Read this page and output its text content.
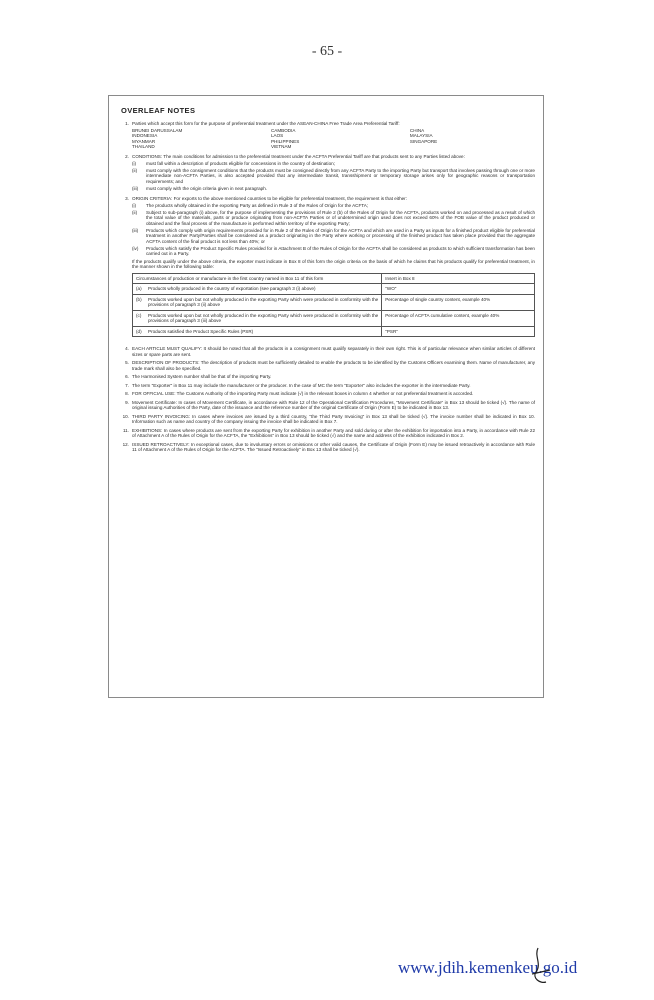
- 65 -
OVERLEAF NOTES
1. Parties which accept this form for the purpose of preferential treatment under the ASEAN-CHINA Free Trade Area Preferential Tariff:
BRUNEI DARUSSALAM	CAMBODIA	CHINA
INDONESIA	LAOS	MALAYSIA
MYANMAR	PHILIPPINES	SINGAPORE
THAILAND	VIETNAM
2. CONDITIONS: The main conditions for admission to the preferential treatment under the ACFTA Preferential Tariff are that products sent to any Parties listed above:
(i)	must fall within a description of products eligible for concessions in the country of destination;
(ii)	must comply with the consignment conditions that the products must be consigned directly from any ACFTA Party to the importing Party but transport that involves passing through one or more intermediate non-ACFTA Parties, is also accepted provided that any intermediate transit, transshipment or temporary storage arises only for geographic reasons or transportation requirements; and
(iii)	must comply with the origin criteria given in next paragraph.
3. ORIGIN CRITERIA: For exports to the above mentioned countries to be eligible for preferential treatment, the requirement is that either:
(i)	The products wholly obtained in the exporting Party as defined in Rule 3 of the Rules of Origin for the ACFTA;
(ii)	Subject to sub-paragraph (i) above, for the purpose of implementing the provisions of Rule 2 (b) of the Rules of Origin for the ACFTA, products worked on and processed as a result of which the total value of the materials, parts or produce originating from non-ACFTA Parties or of undetermined origin used does not exceed 60% of the FOB value of the product produced or obtained and the final process of the manufacture is performed within territory of the exporting Party;
(iii)	Products which comply with origin requirements provided for in Rule 2 of the Rules of Origin for the ACFTA and which are used in a Party as inputs for a finished product eligible for preferential treatment in another Party/Parties shall be considered as a product originating in the Party where working or processing of the finished product has taken place provided that the aggregate ACFTA content of the final product is not less than 40%; or
(iv)	Products which satisfy the Product Specific Rules provided for in Attachment B of the Rules of Origin for the ACFTA shall be considered as products to which sufficient transformation has been carried out in a Party.
If the products qualify under the above criteria, the exporter must indicate in Box 8 of this form the origin criteria on the basis of which he claims that his products qualify for preferential treatment, in the manner shown in the following table:
Circumstances of production or manufacture in the first country named in Box 11 of this form	Insert in Box 8

(a) Products wholly produced in the country of exportation (see paragraph 3 (i) above)	"WO"

(b) Products worked upon but not wholly produced in the exporting Party which were produced in conformity with the provisions of paragraph 3 (ii) above	Percentage of single country content, example 40%

(c) Products worked upon but not wholly produced in the exporting Party which were produced in conformity with the provisions of paragraph 3 (iii) above	Percentage of ACFTA cumulative content, example 40%

(d) Products satisfied the Product Specific Rules (PSR)	"PSR"
4. EACH ARTICLE MUST QUALIFY: It should be noted that all the products in a consignment must qualify separately in their own right. This is of particular relevance when similar articles of different sizes or spare parts are sent.
5. DESCRIPTION OF PRODUCTS: The description of products must be sufficiently detailed to enable the products to be identified by the Customs Officers examining them. Name of manufacturer, any trade mark shall also be specified.
6. The Harmonised System number shall be that of the importing Party.
7. The term "Exporter" in Box 11 may include the manufacturer or the producer. In the case of MC the term "Exporter" also includes the exporter in the intermediate Party.
8. FOR OFFICIAL USE: The Customs Authority of the importing Party must indicate (√) in the relevant boxes in column 4 whether or not preferential treatment is accorded.
9. Movement Certificate: In cases of Movement Certificate, in accordance with Rule 12 of the Operational Certification Procedures, "Movement Certificate" in Box 13 should be ticked (√). The name of original issuing Authorities of the Party, date of the issuance and the reference number of the original Certificate of Origin (Form E) to be indicated in Box 13.
10. THIRD PARTY INVOICING: In cases where invoices are issued by a third country, "the Third Party Invoicing" in Box 13 shall be ticked (√). The invoice number shall be indicated in Box 10. Information such as name and country of the company issuing the invoice shall be indicated in Box 7.
11. EXHIBITIONS: In cases where products are sent from the exporting Party for exhibition in another Party and sold during or after the exhibition for importation into a Party, in accordance with Rule 22 of Attachment A of the Rules of Origin for the ACFTA, the "Exhibitions" in Box 13 should be ticked (√) and the name and address of the exhibition indicated in Box 2.
12. ISSUED RETROACTIVELY: In exceptional cases, due to involuntary errors or omissions or other valid causes, the Certificate of Origin (Form E) may be issued retroactively in accordance with Rule 11 of Attachment A of the Rules of Origin for the ACFTA. The "Issued Retroactively" in Box 13 shall be ticked (√).
www.jdih.kemenkeu.go.id
